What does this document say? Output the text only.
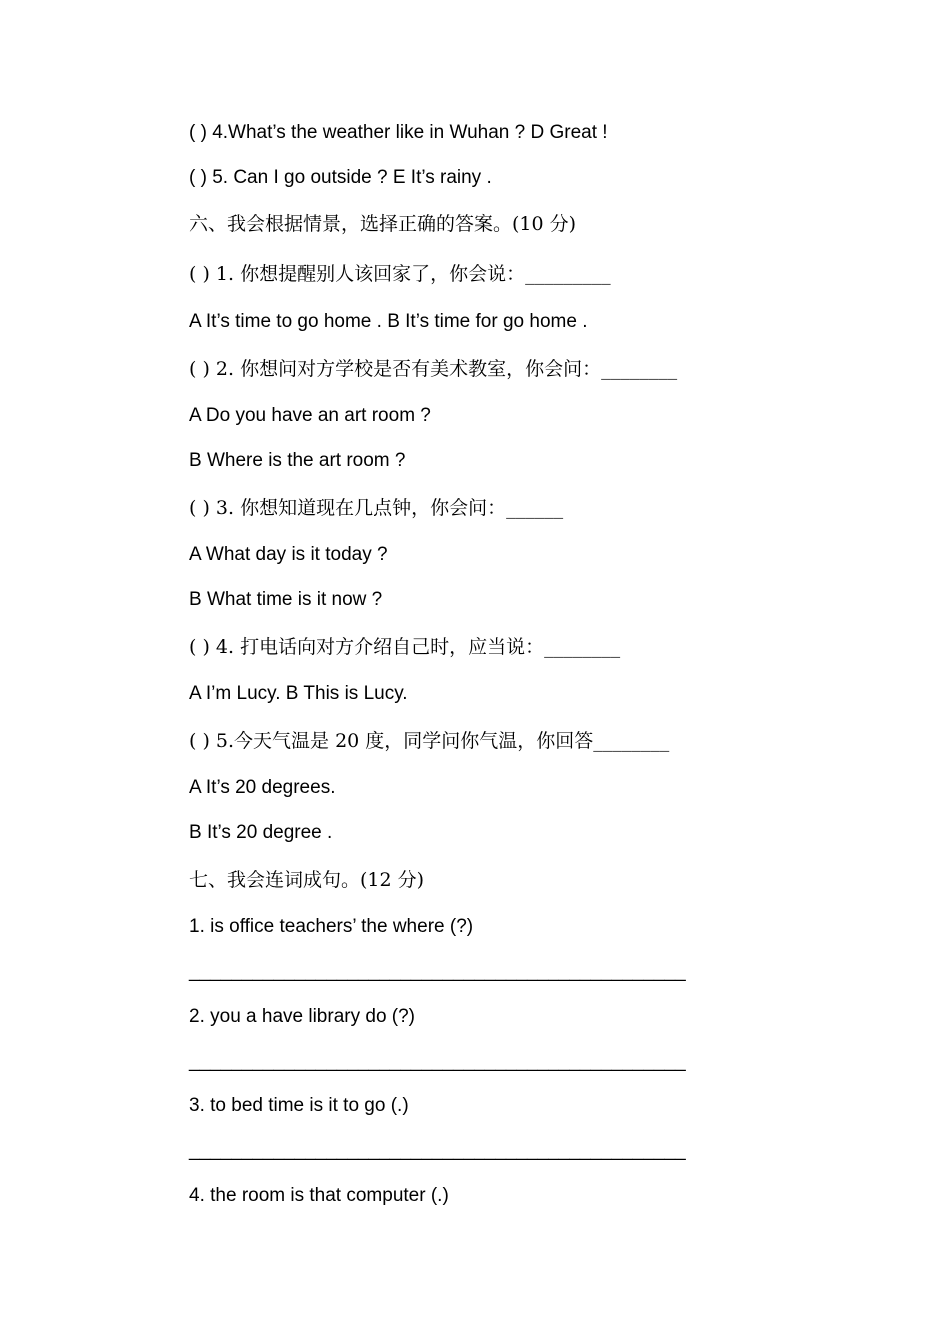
( ) 4.What’s the weather like in Wuhan ? D Great !
( ) 5. Can I go outside ? E It’s rainy .
六、我会根据情景，选择正确的答案。(10 分)
( ) 1. 你想提醒别人该回家了，你会说：_________
A It’s time to go home . B It’s time for go home .
( ) 2. 你想问对方学校是否有美术教室，你会问：________
A Do you have an art room ?
B Where is the art room ?
( ) 3. 你想知道现在几点钟，你会问：______
A What day is it today ?
B What time is it now ?
( ) 4. 打电话向对方介绍自己时，应当说：________
A I’m Lucy. B This is Lucy.
( ) 5.今天气温是 20 度，同学问你气温，你回答________
A It’s 20 degrees.
B It’s 20 degree .
七、我会连词成句。(12 分)
1. is office teachers’ the where (?)
_______________________________________________
2. you a have library do (?)
_______________________________________________
3. to bed time is it to go (.)
_______________________________________________
4. the room is that computer (.)
